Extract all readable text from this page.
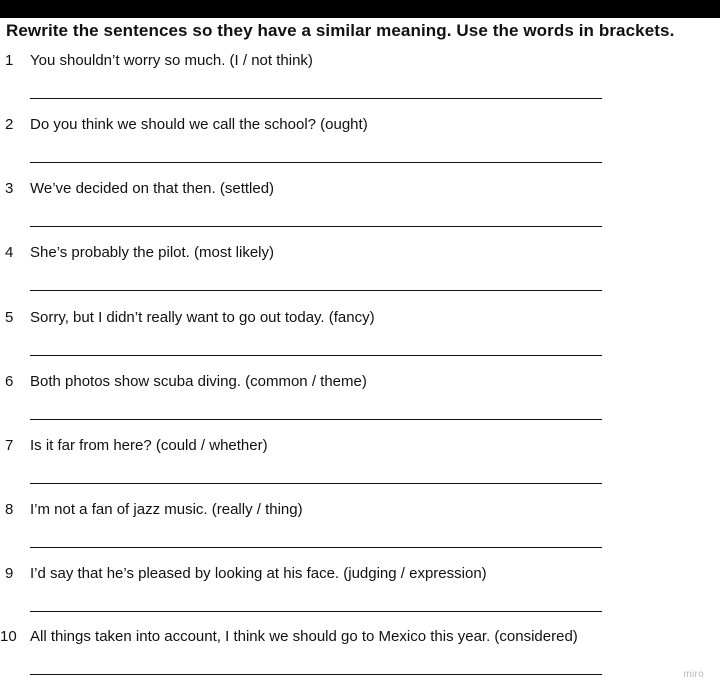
Rewrite the sentences so they have a similar meaning. Use the words in brackets.
1	You shouldn’t worry so much. (I / not think)
2	Do you think we should we call the school? (ought)
3	We’ve decided on that then. (settled)
4	She’s probably the pilot. (most likely)
5	Sorry, but I didn’t really want to go out today. (fancy)
6	Both photos show scuba diving. (common / theme)
7	Is it far from here? (could / whether)
8	I’m not a fan of jazz music. (really / thing)
9	I’d say that he’s pleased by looking at his face. (judging / expression)
10 All things taken into account, I think we should go to Mexico this year. (considered)
miro
